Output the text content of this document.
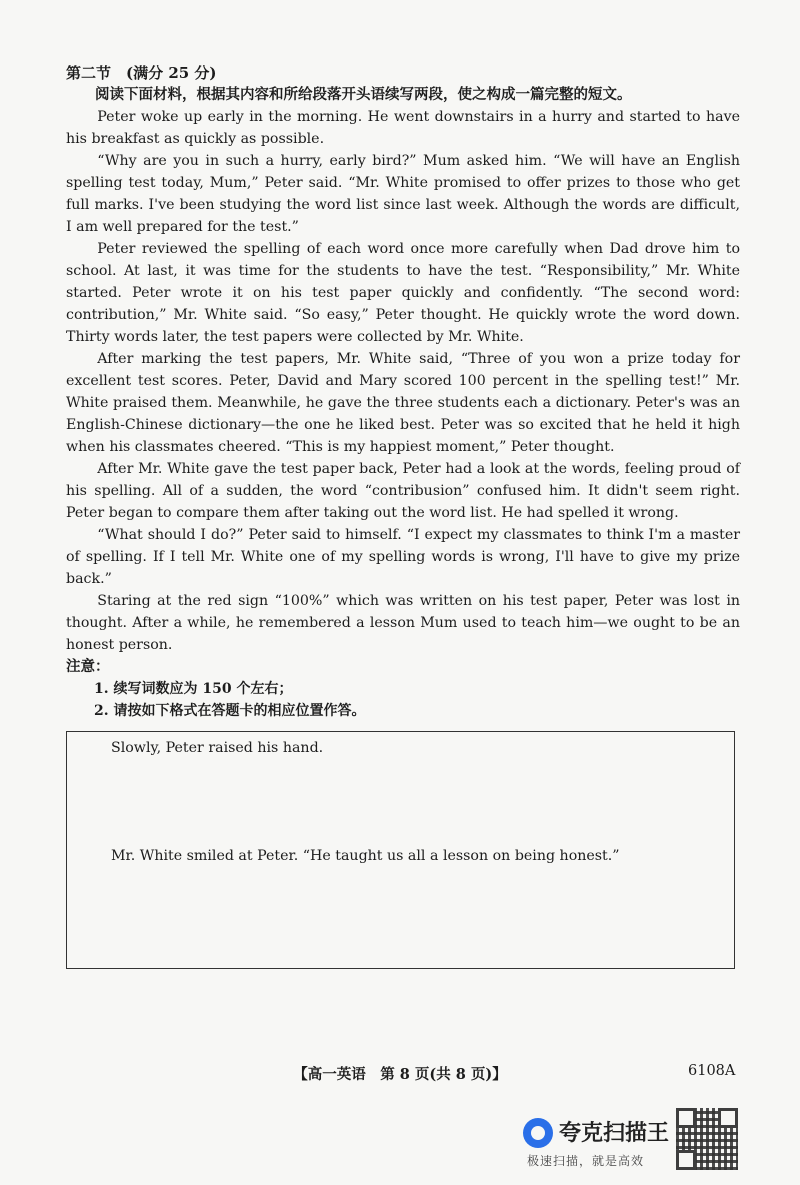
第二节　(满分 25 分)
阅读下面材料，根据其内容和所给段落开头语续写两段，使之构成一篇完整的短文。

Peter woke up early in the morning. He went downstairs in a hurry and started to have his breakfast as quickly as possible.

“Why are you in such a hurry, early bird?” Mum asked him. “We will have an English spelling test today, Mum,” Peter said. “Mr. White promised to offer prizes to those who get full marks. I've been studying the word list since last week. Although the words are difficult, I am well prepared for the test.”

Peter reviewed the spelling of each word once more carefully when Dad drove him to school. At last, it was time for the students to have the test. “Responsibility,” Mr. White started. Peter wrote it on his test paper quickly and confidently. “The second word: contribution,” Mr. White said. “So easy,” Peter thought. He quickly wrote the word down. Thirty words later, the test papers were collected by Mr. White.

After marking the test papers, Mr. White said, “Three of you won a prize today for excellent test scores. Peter, David and Mary scored 100 percent in the spelling test!” Mr. White praised them. Meanwhile, he gave the three students each a dictionary. Peter's was an English-Chinese dictionary—the one he liked best. Peter was so excited that he held it high when his classmates cheered. “This is my happiest moment,” Peter thought.

After Mr. White gave the test paper back, Peter had a look at the words, feeling proud of his spelling. All of a sudden, the word “contribusion” confused him. It didn't seem right. Peter began to compare them after taking out the word list. He had spelled it wrong.

“What should I do?” Peter said to himself. “I expect my classmates to think I'm a master of spelling. If I tell Mr. White one of my spelling words is wrong, I'll have to give my prize back.”

Staring at the red sign “100%” which was written on his test paper, Peter was lost in thought. After a while, he remembered a lesson Mum used to teach him—we ought to be an honest person.

注意：
1. 续写词数应为 150 个左右；
2. 请按如下格式在答题卡的相应位置作答。
Slowly, Peter raised his hand.
Mr. White smiled at Peter. “He taught us all a lesson on being honest.”
【高一英语　第 8 页(共 8 页)】	6108A
夸克扫描王
极速扫描，就是高效
